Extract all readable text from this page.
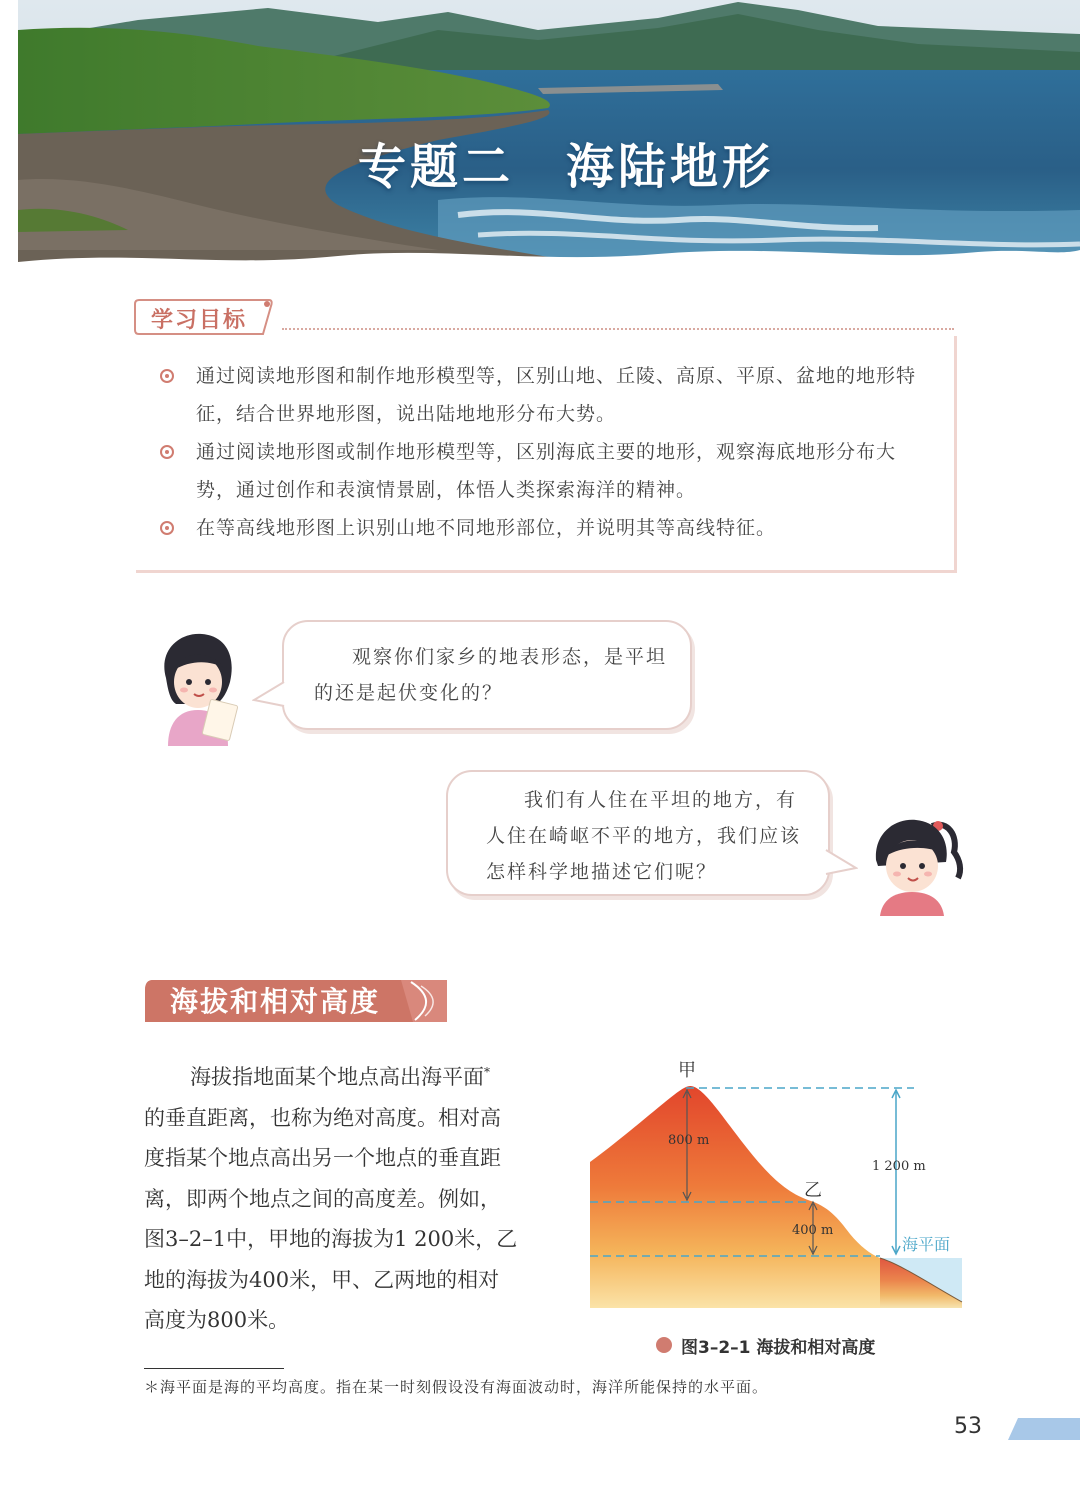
专题二　海陆地形
学习目标
通过阅读地形图和制作地形模型等，区别山地、丘陵、高原、平原、盆地的地形特征，结合世界地形图，说出陆地地形分布大势。
通过阅读地形图或制作地形模型等，区别海底主要的地形，观察海底地形分布大势，通过创作和表演情景剧，体悟人类探索海洋的精神。
在等高线地形图上识别山地不同地形部位，并说明其等高线特征。
观察你们家乡的地表形态，是平坦的还是起伏变化的？
我们有人住在平坦的地方，有人住在崎岖不平的地方，我们应该怎样科学地描述它们呢？
海拔和相对高度
海拔指地面某个地点高出海平面*
的垂直距离，也称为绝对高度。相对高
度指某个地点高出另一个地点的垂直距
离，即两个地点之间的高度差。例如，
图3–2–1中，甲地的海拔为1 200米，乙
地的海拔为400米，甲、乙两地的相对
高度为800米。
甲
800 m
乙
400 m
1 200 m
海平面
图3–2–1 海拔和相对高度
＊海平面是海的平均高度。指在某一时刻假设没有海面波动时，海洋所能保持的水平面。
53
